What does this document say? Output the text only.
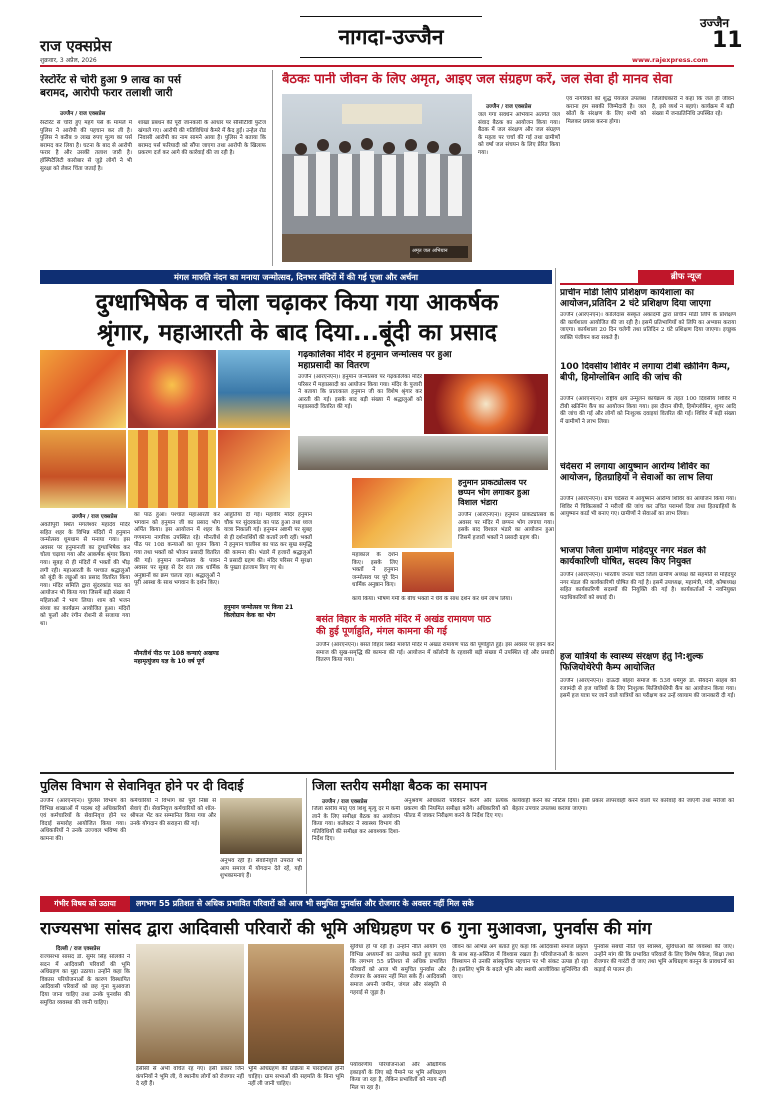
राज एक्सप्रेस
शुक्रवार, 3 अप्रैल, 2026
नागदा-उज्जैन
उज्जैन
11
www.rajexpress.com
रेस्टोरेंट से चोरी हुआ 9 लाख का पर्स
बरामद, आरोपी फरार तलाशी जारी
उज्जैन / राज एक्सप्रेस
रेस्टोरेंट से चोरी हुए महंगे पर्स के मामले में पुलिस ने आरोपी की पहचान कर ली है। पुलिस ने करीब 9 लाख रुपए मूल्य का पर्स बरामद कर लिया है। घटना के बाद से आरोपी फरार है और उसकी तलाश जारी है। हॉस्पिटैलिटी कारोबार से जुड़े लोगों ने भी सुरक्षा को लेकर चिंता जताई है।
शाखा प्रबंधन की पूरी जानकारी के आधार पर सीसीटीवी फुटेज खंगाले गए। आरोपी की गतिविधियां कैमरे में कैद हुईं। उन्हेल रोड निवासी आरोपी का नाम सामने आया है। पुलिस ने बताया कि बरामद पर्स फरियादी को सौंपा जाएगा तथा आरोपी के खिलाफ प्रकरण दर्ज कर आगे की कार्रवाई की जा रही है।
बैठकः पानी जीवन के लिए अमृत, आइए जल संग्रहण करें, जल सेवा ही मानव सेवा
अमृत जल अभियान
उज्जैन / राज एक्सप्रेस
जल गंगा संवर्धन अभियान अंतर्गत जल संवाद बैठक का आयोजन किया गया। बैठक में जल संरक्षण और जल संग्रहण के महत्व पर चर्चा की गई तथा ग्रामीणों को वर्षा जल संचयन के लिए प्रेरित किया गया।
एवं नागरिकों को शुद्ध पेयजल उपलब्ध कराना हम सबकी जिम्मेदारी है। जल स्रोतों के संरक्षण के लिए सभी को मिलकर प्रयास करना होगा।
जिलाधिकारी ने कहा कि जल ही जीवन है, इसे व्यर्थ न बहाएं। कार्यक्रम में बड़ी संख्या में जनप्रतिनिधि उपस्थित रहे।
ब्रीफ न्यूज
प्राचीन मोडी लिपि प्रशिक्षण कार्यशाला का आयोजन,प्रतिदिन 2 घंटे प्रशिक्षण दिया जाएगा
उज्जैन (आरएनएन)। कालिदास संस्कृत अकादमी द्वारा प्राचीन मोडी लिपि के प्रशिक्षण की कार्यशाला आयोजित की जा रही है। इसमें प्रतिभागियों को लिपि का अभ्यास कराया जाएगा। कार्यशाला 20 दिन चलेगी तथा प्रतिदिन 2 घंटे प्रशिक्षण दिया जाएगा। इच्छुक व्यक्ति पंजीयन करा सकते हैं।
100 दिवसीय शिविर में लगाया टीबी स्क्रीनिंग कैम्प, बीपी, हिमोग्लोबिन आदि की जांच की
उज्जैन (आरएनएन)। राष्ट्रीय क्षय उन्मूलन कार्यक्रम के तहत 100 दिवसीय शिविर में टीबी स्क्रीनिंग कैंप का आयोजन किया गया। इस दौरान बीपी, हिमोग्लोबिन, शुगर आदि की जांच की गई और लोगों को निःशुल्क दवाइयां वितरित की गईं। शिविर में बड़ी संख्या में ग्रामीणों ने लाभ लिया।
चंदेसरा में लगाया आयुष्मान आरोग्य शिविर का आयोजन, हितग्राहियों ने सेवाओं का लाभ लिया
उज्जैन (आरएनएन)। ग्राम चंदेसरा में आयुष्मान आरोग्य शिविर का आयोजन किया गया। शिविर में चिकित्सकों ने मरीजों की जांच कर उचित परामर्श दिया तथा हितग्राहियों के आयुष्मान कार्ड भी बनाए गए। ग्रामीणों ने सेवाओं का लाभ लिया।
भाजपा जिला ग्रामीण महिदपुर नगर मंडल की कार्यकारिणी घोषित, सदस्य किए नियुक्त
उज्जैन (आरएनएन)। भारतीय जनता पार्टी जिला ग्रामीण अध्यक्ष की सहमति से महिदपुर नगर मंडल की कार्यकारिणी घोषित की गई है। इसमें उपाध्यक्ष, महामंत्री, मंत्री, कोषाध्यक्ष सहित कार्यकारिणी सदस्यों की नियुक्ति की गई है। कार्यकर्ताओं ने नवनियुक्त पदाधिकारियों को बधाई दी।
हज यात्रियों के स्वास्थ्य संरक्षण हेतु नि:शुल्क फिजियोथेरेपी कैम्प आयोजित
उज्जैन (आरएनएन)। दाऊदी बोहरा समाज के 53वें धर्मगुरु डॉ. सैयदना साहब की रजामंदी से हज यात्रियों के लिए निःशुल्क फिजियोथेरेपी कैंप का आयोजन किया गया। इसमें हज यात्रा पर जाने वाले यात्रियों का परीक्षण कर उन्हें व्यायाम की जानकारी दी गई।
मंगल मारुति नंदन का मनाया जन्मोत्सव, दिनभर मंदिरों में की गई पूजा और अर्चना
दुग्धाभिषेक व चोला चढ़ाकर किया गया आकर्षक
श्रृंगार, महाआरती के बाद दिया...बूंदी का प्रसाद
उज्जैन / राज एक्सप्रेस
अवंतीपुरी स्थित मंगलेश्वर महादेव मंदिर सहित शहर के विभिन्न मंदिरों में हनुमान जन्मोत्सव धूमधाम से मनाया गया। इस अवसर पर हनुमानजी का दुग्धाभिषेक कर चोला चढ़ाया गया और आकर्षक श्रृंगार किया गया। सुबह से ही मंदिरों में भक्तों की भीड़ लगी रही। महाआरती के पश्चात श्रद्धालुओं को बूंदी के लड्डुओं का प्रसाद वितरित किया गया। मंदिर समिति द्वारा सुंदरकांड पाठ का आयोजन भी किया गया जिसमें बड़ी संख्या में महिलाओं ने भाग लिया। शाम को भजन संध्या का कार्यक्रम आयोजित हुआ। मंदिरों को फूलों और रंगीन रोशनी से सजाया गया था।
का पाठ हुआ। पश्चात महाआरती कर भगवान को हनुमान जी का प्रसाद भोग अर्पित किया। इस आयोजन में शहर के गणमान्य नागरिक उपस्थित रहे। मौनतीर्थ पीठ पर 108 कन्याओं का पूजन किया गया तथा भक्तों को भोजन प्रसादी वितरित की गई। हनुमान जन्मोत्सव के पावन अवसर पर सुबह से देर रात तक धार्मिक अनुष्ठानों का क्रम चलता रहा। श्रद्धालुओं ने पूरी आस्था के साथ भगवान के दर्शन किए।
मौनतीर्थ पीठ पर 108 कन्याएं अखण्ड महामृत्युंजय यज्ञ के 10 वर्ष पूर्ण
आहुतियां दी गई। महावीर मंदिर हनुमान चौक पर सुंदरकांड का पाठ हुआ तथा ध्वज यात्रा निकाली गई। हनुमान अष्टमी पर सुबह से ही दर्शनार्थियों की कतारें लगी रहीं। भक्तों ने हनुमान चालीसा का पाठ कर सुख समृद्धि की कामना की। भंडारे में हजारों श्रद्धालुओं ने प्रसादी ग्रहण की। मंदिर परिसर में सुरक्षा के पुख्ता इंतजाम किए गए थे।
हनुमान जन्मोत्सव पर किया 21 किलोग्राम केक का भोग
गढ़कालिका मंदिर में हनुमान जन्मोत्सव पर हुआ
महाप्रसादी का वितरण
उज्जैन (आरएनएन)। हनुमान जन्मोत्सव पर गढ़कालिका मंदिर परिसर में महाप्रसादी का आयोजन किया गया। मंदिर के पुजारी ने बताया कि प्रातःकाल हनुमान जी का विशेष श्रृंगार कर आरती की गई। इसके बाद बड़ी संख्या में श्रद्धालुओं को महाप्रसादी वितरित की गई।
हनुमान प्राकट्योत्सव पर
छप्पन भोग लगाकर हुआ
विशाल भंडारा
उज्जैन (आरएनएन)। हनुमान प्राकट्योत्सव के अवसर पर मंदिर में छप्पन भोग लगाया गया। इसके बाद विशाल भंडारे का आयोजन हुआ जिसमें हजारों भक्तों ने प्रसादी ग्रहण की।
महाकाल के दर्शन किए। इसके लिए भक्तों ने हनुमान जन्मोत्सव पर पूरे दिन धार्मिक अनुष्ठान किए।
कार्य किया। भीषण गर्मी के बीच भक्तों ने धैर्य के साथ दर्शन कर धर्म लाभ लिया।
बसंत विहार के मारुति मंदिर में अखंड रामायण पाठ
की हुई पूर्णाहुति, मंगल कामना की गई
उज्जैन (आरएनएन)। बसंत विहार स्थित मारुति मंदिर में अखंड रामायण पाठ की पूर्णाहुति हुई। इस अवसर पर हवन कर समाज की सुख-समृद्धि की कामना की गई। आयोजन में कॉलोनी के रहवासी बड़ी संख्या में उपस्थित रहे और प्रसादी वितरण किया गया।
पुलिस विभाग से सेवानिवृत होने पर दी विदाई
उज्जैन (आरएनएन)। पुलिस विभाग की विभिन्न शाखाओं में पदस्थ रहे अधिकारियों एवं कर्मचारियों के सेवानिवृत्त होने पर विदाई समारोह आयोजित किया गया। अधिकारियों ने उनके उज्ज्वल भविष्य की कामना की।
कर्मचारियों ने विभाग को पूरी निष्ठा से सेवाएं दीं। सेवानिवृत्त कर्मचारियों को शॉल-श्रीफल भेंट कर सम्मानित किया गया और उनके योगदान की सराहना की गई।
अनुभव रही है। सेवानिवृत्ति उपरांत भी आप समाज में योगदान देते रहें, यही शुभकामनाएं हैं।
जिला स्तरीय समीक्षा बैठक का समापन
उज्जैन / राज एक्सप्रेस
जिला स्तरीय मातृ एवं शिशु मृत्यु दर में कमी लाने के लिए समीक्षा बैठक का आयोजन किया गया। कलेक्टर ने स्वास्थ्य विभाग की गतिविधियों की समीक्षा कर आवश्यक दिशा-निर्देश दिए।
अनुश्रवण अधिकारी परिवेदन करेंगे और प्रत्येक प्रकरण की नियमित समीक्षा करेंगे। अधिकारियों को फील्ड में जाकर निरीक्षण करने के निर्देश दिए गए।
कार्यवाही करने का नोटिस दिया। इसी प्रकार लापरवाही करने वालों पर कार्रवाई की जाएगी तथा मरीजों को बेहतर उपचार उपलब्ध कराया जाएगा।
गंभीर विषय को उठाया	लगभग 55 प्रतिशत से अधिक प्रभावित परिवारों को आज भी समुचित पुनर्वास और रोजगार के अवसर नहीं मिल सके
राज्यसभा सांसद द्वारा आदिवासी परिवारों की भूमि अधिग्रहण पर 6 गुना मुआवजा, पुनर्वास की मांग
दिल्ली / राज एक्सप्रेस
राज्यसभा सांसद डॉ. सुमेर सिंह सोलंकी ने सदन में आदिवासी परिवारों की भूमि अधिग्रहण का मुद्दा उठाया। उन्होंने कहा कि विकास परियोजनाओं के कारण विस्थापित आदिवासी परिवारों को छह गुना मुआवजा दिया जाना चाहिए तथा उनके पुनर्वास की समुचित व्यवस्था की जानी चाहिए।
ईसीसी से अभी वंचित रह गए। इसी प्रकार जिन कंपनियों ने भूमि ली, वे स्थानीय लोगों को रोजगार नहीं दे रही हैं।
भूमि अधिग्रहण की प्रक्रिया में पारदर्शिता होनी चाहिए। ग्राम सभाओं की सहमति के बिना भूमि नहीं ली जानी चाहिए।
सुविधा हो पा रही है। उन्होंने नीति आयोग एवं विभिन्न अध्ययनों का उल्लेख करते हुए बताया कि लगभग 55 प्रतिशत से अधिक प्रभावित परिवारों को आज भी समुचित पुनर्वास और रोजगार के अवसर नहीं मिल सके हैं। आदिवासी समाज अपनी जमीन, जंगल और संस्कृति से गहराई से जुड़ा है।
पर्यावरणीय परियोजनाओं और औद्योगिक इकाइयों के लिए बड़े पैमाने पर भूमि अधिग्रहण किया जा रहा है, लेकिन प्रभावितों को न्याय नहीं मिल पा रहा है।
जीवन का अभिन्न अंग बताते हुए कहा कि आदिवासी समाज प्रकृति के साथ सह-अस्तित्व में विश्वास रखता है। परियोजनाओं के कारण विस्थापन से उनकी सांस्कृतिक पहचान पर भी संकट उत्पन्न हो रहा है। इसलिए भूमि के बदले भूमि और स्थायी आजीविका सुनिश्चित की जाए।
पुनर्वास संबंधी नीति एवं स्वास्थ्य, सुविधाओं की व्यवस्था की जाए। उन्होंने मांग की कि प्रभावित परिवारों के लिए विशेष पैकेज, शिक्षा तथा रोजगार की गारंटी दी जाए तथा भूमि अधिग्रहण कानून के प्रावधानों का कड़ाई से पालन हो।
